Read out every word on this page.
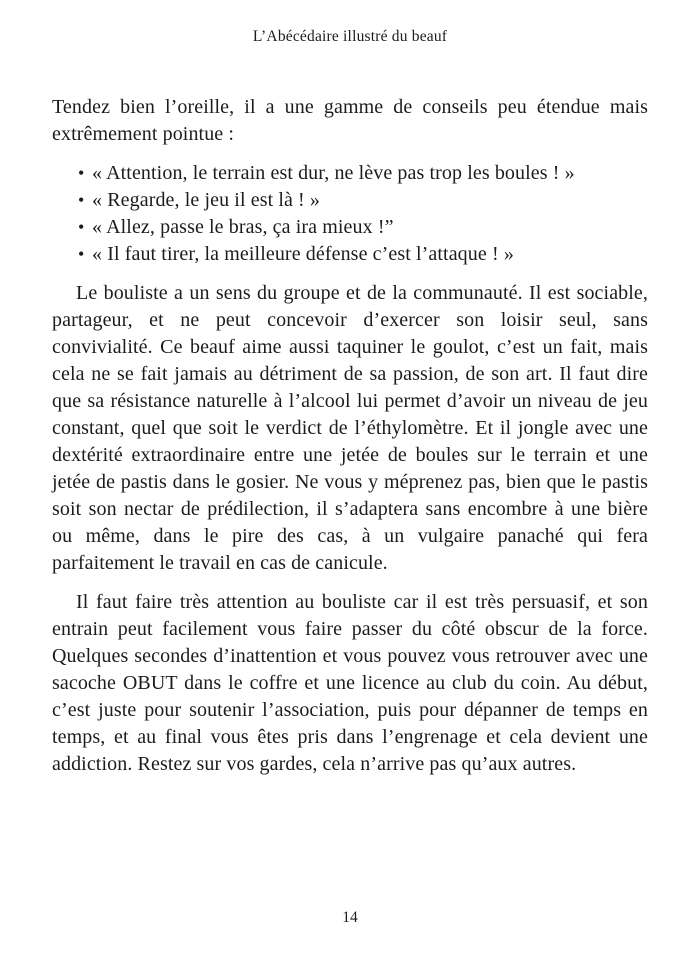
L’Abécédaire illustré du beauf

Tendez bien l’oreille, il a une gamme de conseils peu étendue mais extrêmement pointue :

• « Attention, le terrain est dur, ne lève pas trop les boules ! »
• « Regarde, le jeu il est là ! »
• « Allez, passe le bras, ça ira mieux !”
• « Il faut tirer, la meilleure défense c’est l’attaque ! »

Le bouliste a un sens du groupe et de la communauté. Il est sociable, partageur, et ne peut concevoir d’exercer son loisir seul, sans convivialité. Ce beauf aime aussi taquiner le goulot, c’est un fait, mais cela ne se fait jamais au détriment de sa passion, de son art. Il faut dire que sa résistance naturelle à l’alcool lui permet d’avoir un niveau de jeu constant, quel que soit le verdict de l’éthylomètre. Et il jongle avec une dextérité extraordinaire entre une jetée de boules sur le terrain et une jetée de pastis dans le gosier. Ne vous y méprenez pas, bien que le pastis soit son nectar de prédilection, il s’adaptera sans encombre à une bière ou même, dans le pire des cas, à un vulgaire panaché qui fera parfaitement le travail en cas de canicule.

Il faut faire très attention au bouliste car il est très persuasif, et son entrain peut facilement vous faire passer du côté obscur de la force. Quelques secondes d’inattention et vous pouvez vous retrouver avec une sacoche OBUT dans le coffre et une licence au club du coin. Au début, c’est juste pour soutenir l’association, puis pour dépanner de temps en temps, et au final vous êtes pris dans l’engrenage et cela devient une addiction. Restez sur vos gardes, cela n’arrive pas qu’aux autres.

14
